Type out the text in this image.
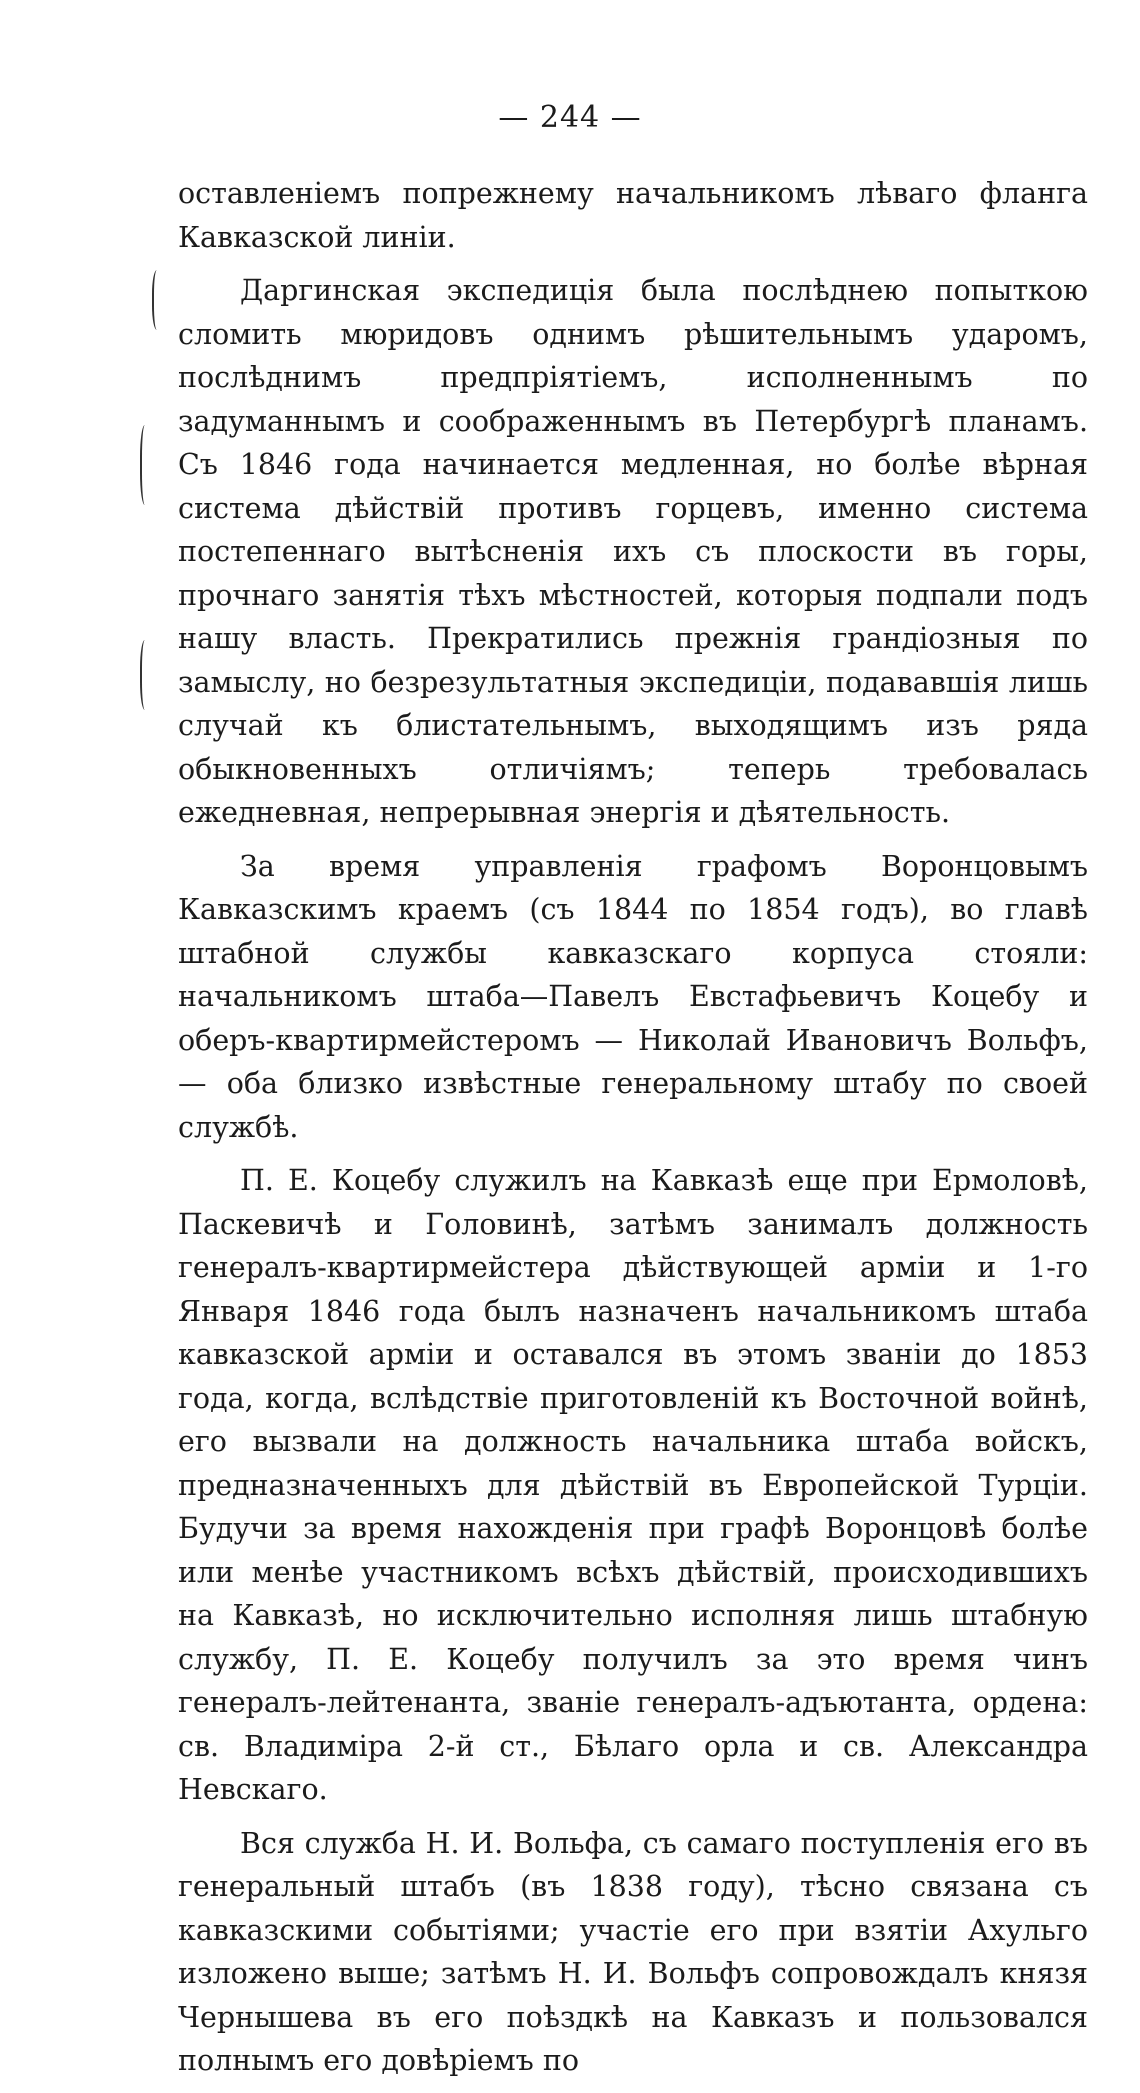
— 244 —

оставленіемъ попрежнему начальникомъ лѣваго фланга Кавказской линіи.

Даргинская экспедиція была послѣднею попыткою сломить мюридовъ однимъ рѣшительнымъ ударомъ, послѣднимъ предпріятіемъ, исполненнымъ по задуманнымъ и соображеннымъ въ Петербургѣ планамъ. Съ 1846 года начинается медленная, но болѣе вѣрная система дѣйствій противъ горцевъ, именно система постепеннаго вытѣсненія ихъ съ плоскости въ горы, прочнаго занятія тѣхъ мѣстностей, которыя подпали подъ нашу власть. Прекратились прежнія грандіозныя по замыслу, но безрезультатныя экспедиціи, подававшія лишь случай къ блистательнымъ, выходящимъ изъ ряда обыкновенныхъ отличіямъ; теперь требовалась ежедневная, непрерывная энергія и дѣятельность.

За время управленія графомъ Воронцовымъ Кавказскимъ краемъ (съ 1844 по 1854 годъ), во главѣ штабной службы кавказскаго корпуса стояли: начальникомъ штаба—Павелъ Евстафьевичъ Коцебу и оберъ-квартирмейстеромъ — Николай Ивановичъ Вольфъ, — оба близко извѣстные генеральному штабу по своей службѣ.

П. Е. Коцебу служилъ на Кавказѣ еще при Ермоловѣ, Паскевичѣ и Головинѣ, затѣмъ занималъ должность генералъ-квартирмейстера дѣйствующей арміи и 1-го Января 1846 года былъ назначенъ начальникомъ штаба кавказской арміи и оставался въ этомъ званіи до 1853 года, когда, вслѣдствіе приготовленій къ Восточной войнѣ, его вызвали на должность начальника штаба войскъ, предназначенныхъ для дѣйствій въ Европейской Турціи. Будучи за время нахожденія при графѣ Воронцовѣ болѣе или менѣе участникомъ всѣхъ дѣйствій, происходившихъ на Кавказѣ, но исключительно исполняя лишь штабную службу, П. Е. Коцебу получилъ за это время чинъ генералъ-лейтенанта, званіе генералъ-адъютанта, ордена: св. Владиміра 2-й ст., Бѣлаго орла и св. Александра Невскаго.

Вся служба Н. И. Вольфа, съ самаго поступленія его въ генеральный штабъ (въ 1838 году), тѣсно связана съ кавказскими событіями; участіе его при взятіи Ахульго изложено выше; затѣмъ Н. И. Вольфъ сопровождалъ князя Чернышева въ его поѣздкѣ на Кавказъ и пользовался полнымъ его довѣріемъ по
